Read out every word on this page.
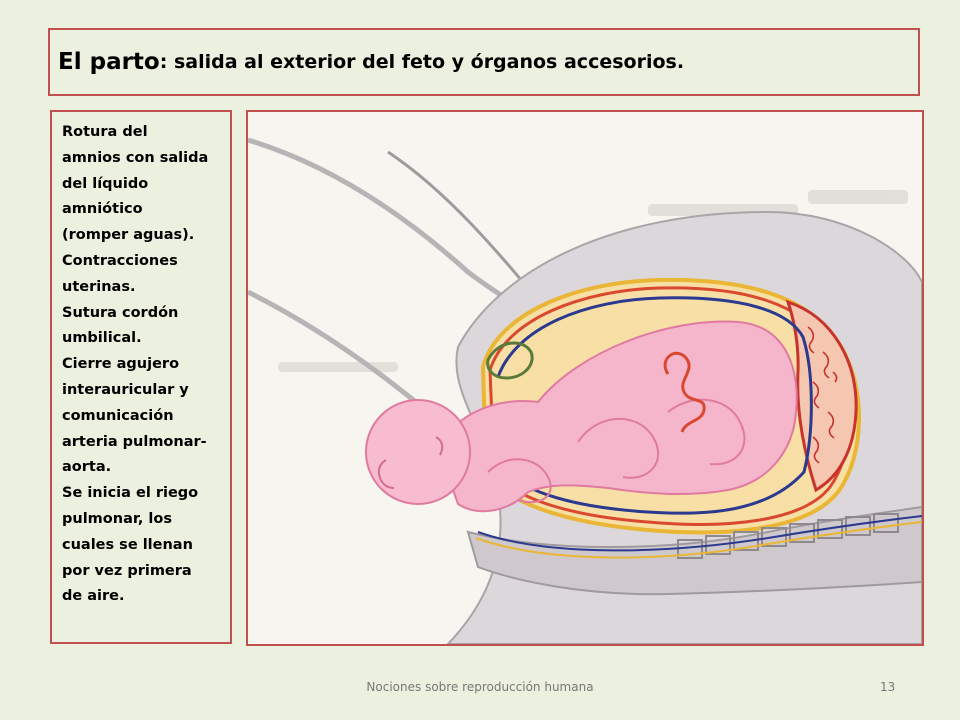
El parto : salida al exterior del feto y órganos accesorios.
Rotura del
amnios con salida
del líquido
amniótico
(romper aguas).
Contracciones
uterinas.
Sutura cordón
umbilical.
Cierre agujero
interauricular y
comunicación
arteria pulmonar-
aorta.
Se inicia el riego
pulmonar, los
cuales se llenan
por vez primera
de aire.
Nociones sobre reproducción humana	13
